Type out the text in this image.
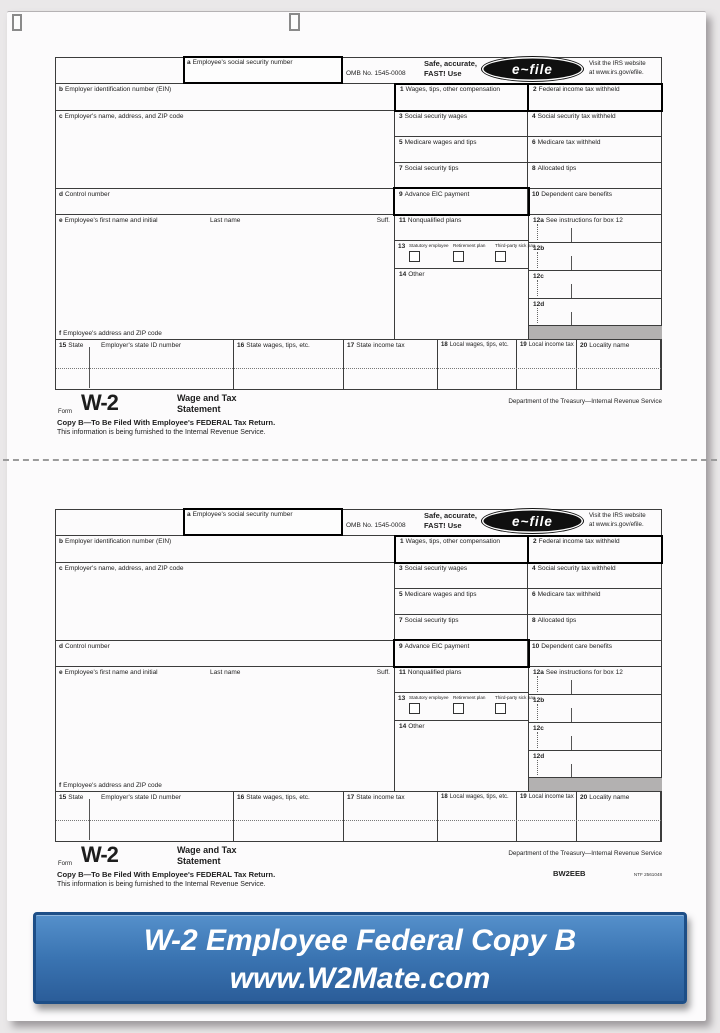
OMB No. 1545-0008
Safe, accurate,
FAST! Use	e~file	Visit the IRS website
at www.irs.gov/efile.
a Employee's social security number
b Employer identification number (EIN)
c Employer's name, address, and ZIP code
d Control number
e Employee's first name and initial	Last name	Suff.
f Employee's address and ZIP code
1 Wages, tips, other compensation	2 Federal income tax withheld
3 Social security wages	4 Social security tax withheld
5 Medicare wages and tips	6 Medicare tax withheld
7 Social security tips	8 Allocated tips
9 Advance EIC payment	10 Dependent care benefits
11 Nonqualified plans
13 Statutory employee Retirement plan	Third-party sick pay
14 Other
12a See instructions for box 12
12b
12c
12d
15 State	Employer's state ID number	16 State wages, tips, etc.	17 State income tax	18 Local wages, tips, etc.	19 Local income tax 20 Locality name
Form W-2	Wage and Tax
Statement
Department of the Treasury—Internal Revenue Service
Copy B—To Be Filed With Employee's FEDERAL Tax Return.
This information is being furnished to the Internal Revenue Service.
OMB No. 1545-0008
Safe, accurate,
FAST! Use	e~file	Visit the IRS website
at www.irs.gov/efile.
a Employee's social security number
b Employer identification number (EIN)
c Employer's name, address, and ZIP code
d Control number
e Employee's first name and initial	Last name	Suff.
f Employee's address and ZIP code
1 Wages, tips, other compensation	2 Federal income tax withheld
3 Social security wages	4 Social security tax withheld
5 Medicare wages and tips	6 Medicare tax withheld
7 Social security tips	8 Allocated tips
9 Advance EIC payment	10 Dependent care benefits
11 Nonqualified plans
13 Statutory employee Retirement plan	Third-party sick pay
14 Other
12a See instructions for box 12
12b
12c
12d
15 State	Employer's state ID number	16 State wages, tips, etc.	17 State income tax	18 Local wages, tips, etc.	19 Local income tax 20 Locality name
Form W-2	Wage and Tax
Statement
Department of the Treasury—Internal Revenue Service
Copy B—To Be Filed With Employee's FEDERAL Tax Return.
This information is being furnished to the Internal Revenue Service.
BW2EEB	NTF 2561048
W-2 Employee Federal Copy B
www.W2Mate.com
